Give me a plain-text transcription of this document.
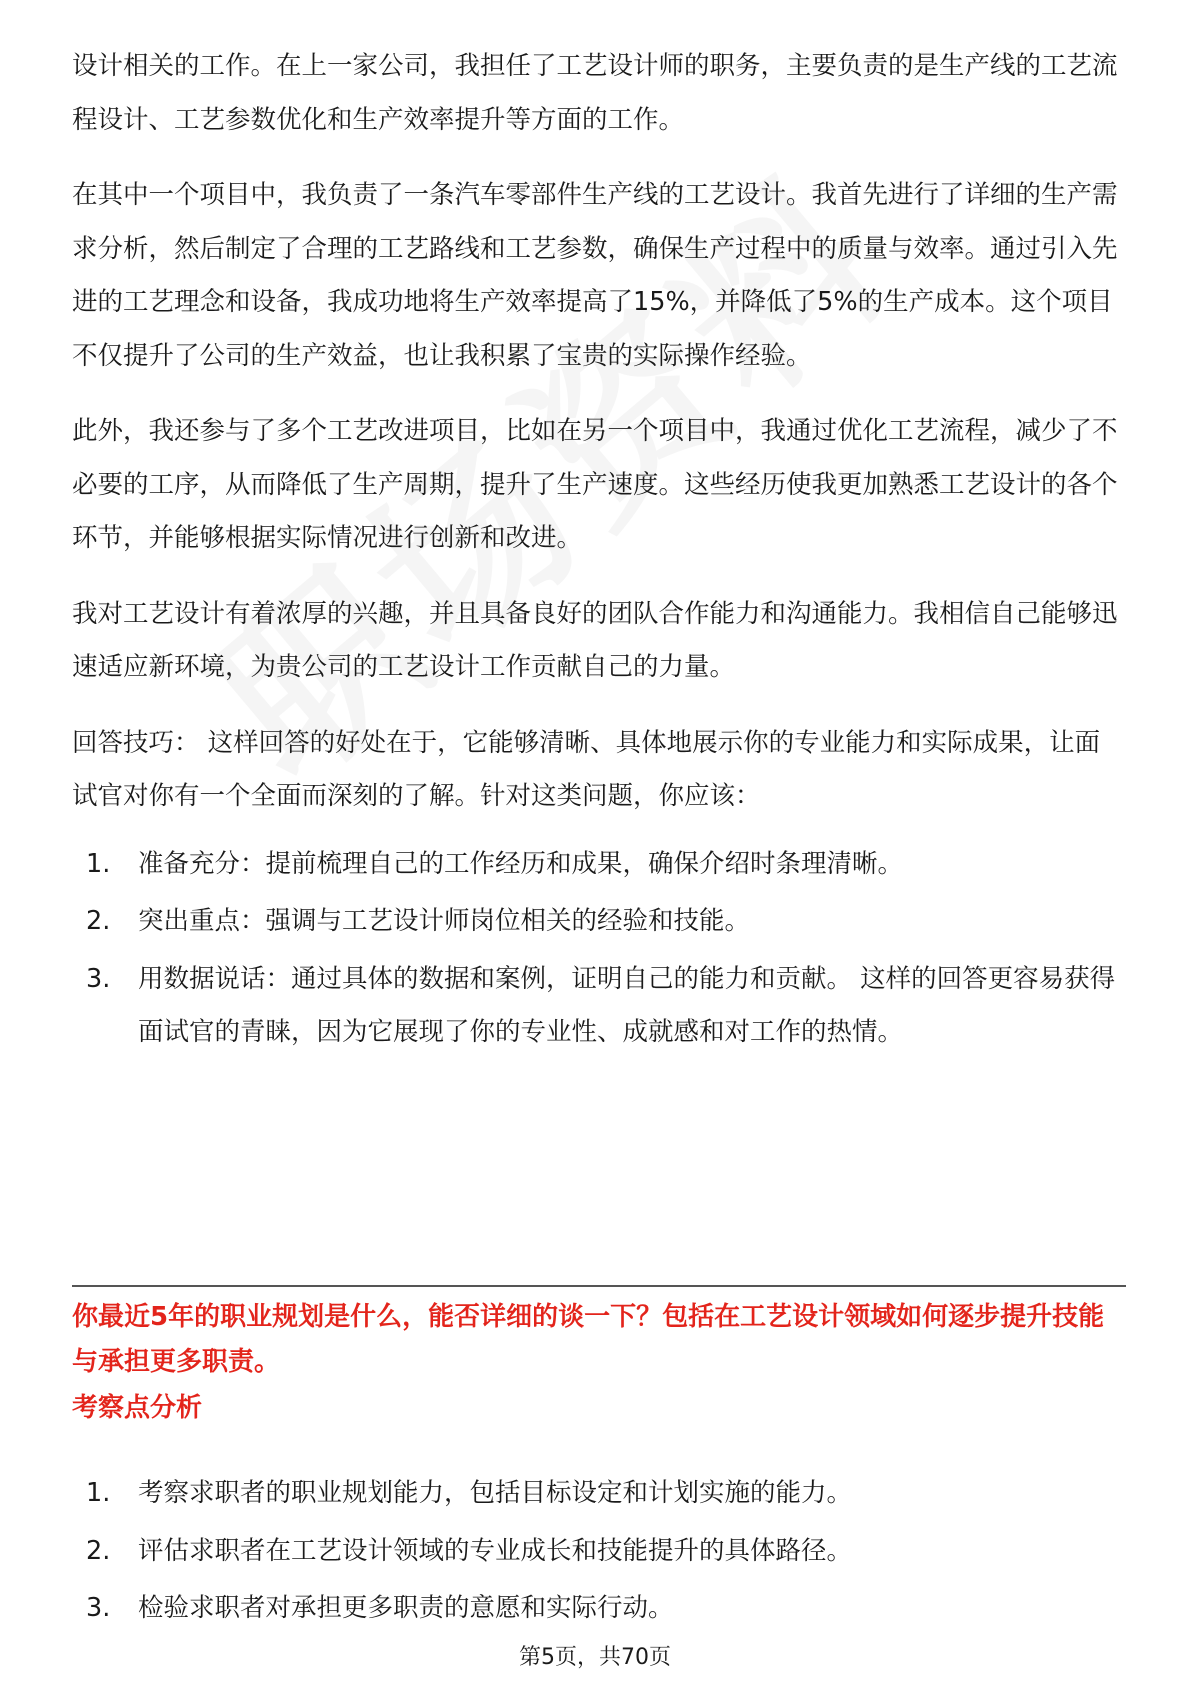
设计相关的工作。在上一家公司，我担任了工艺设计师的职务，主要负责的是生产线的工艺流程设计、工艺参数优化和生产效率提升等方面的工作。

在其中一个项目中，我负责了一条汽车零部件生产线的工艺设计。我首先进行了详细的生产需求分析，然后制定了合理的工艺路线和工艺参数，确保生产过程中的质量与效率。通过引入先进的工艺理念和设备，我成功地将生产效率提高了15%，并降低了5%的生产成本。这个项目不仅提升了公司的生产效益，也让我积累了宝贵的实际操作经验。

此外，我还参与了多个工艺改进项目，比如在另一个项目中，我通过优化工艺流程，减少了不必要的工序，从而降低了生产周期，提升了生产速度。这些经历使我更加熟悉工艺设计的各个环节，并能够根据实际情况进行创新和改进。

我对工艺设计有着浓厚的兴趣，并且具备良好的团队合作能力和沟通能力。我相信自己能够迅速适应新环境，为贵公司的工艺设计工作贡献自己的力量。

回答技巧： 这样回答的好处在于，它能够清晰、具体地展示你的专业能力和实际成果，让面试官对你有一个全面而深刻的了解。针对这类问题，你应该：

1.	准备充分：提前梳理自己的工作经历和成果，确保介绍时条理清晰。
2.	突出重点：强调与工艺设计师岗位相关的经验和技能。
3.	用数据说话：通过具体的数据和案例，证明自己的能力和贡献。 这样的回答更容易获得面试官的青睐，因为它展现了你的专业性、成就感和对工作的热情。

你最近5年的职业规划是什么，能否详细的谈一下？包括在工艺设计领域如何逐步提升技能与承担更多职责。

考察点分析

1.	考察求职者的职业规划能力，包括目标设定和计划实施的能力。
2.	评估求职者在工艺设计领域的专业成长和技能提升的具体路径。
3.	检验求职者对承担更多职责的意愿和实际行动。
第5页，共70页
